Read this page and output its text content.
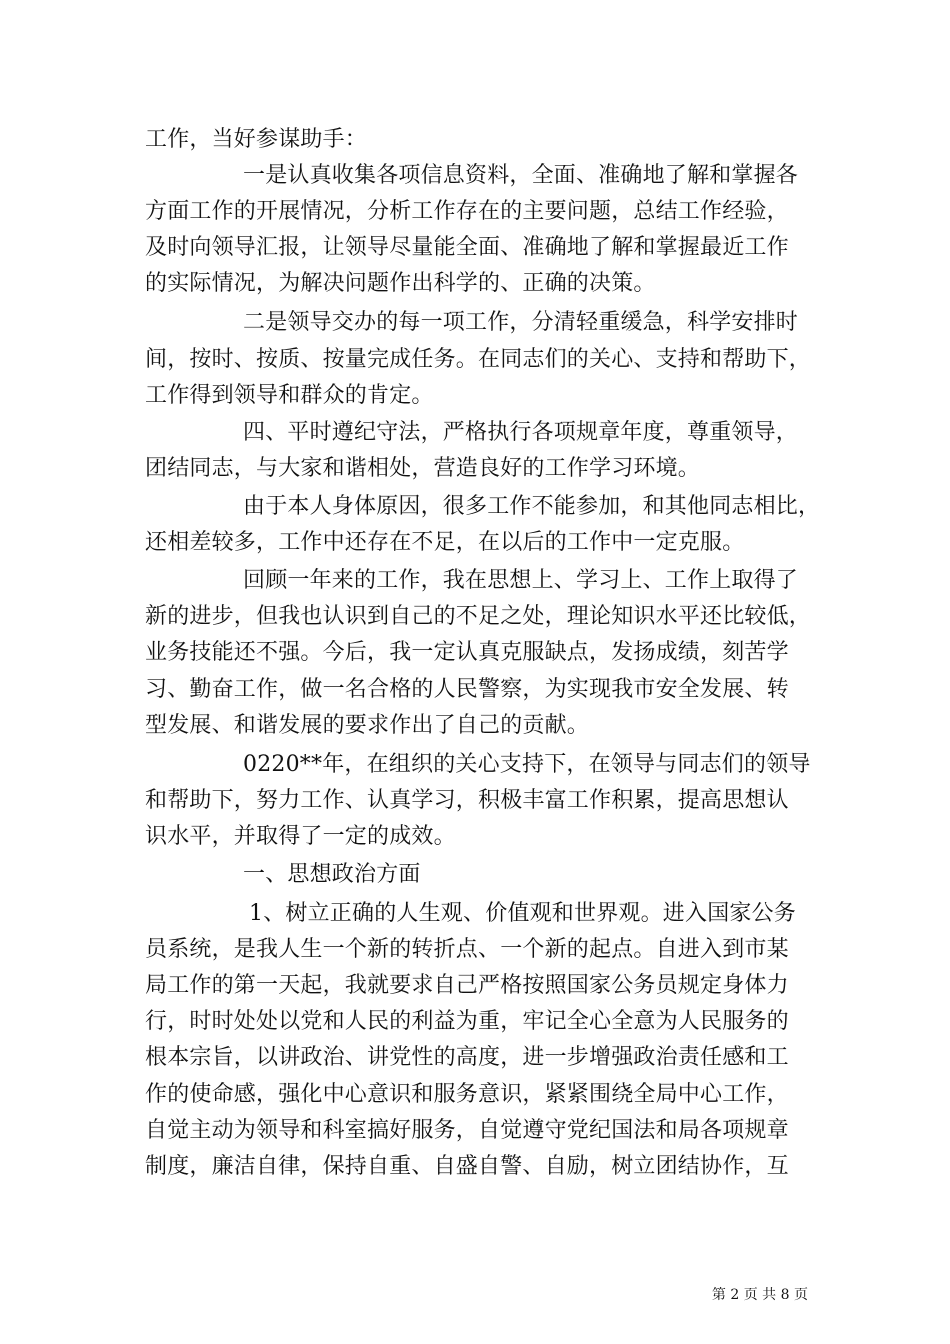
工作，当好参谋助手：
一是认真收集各项信息资料，全面、准确地了解和掌握各
方面工作的开展情况，分析工作存在的主要问题，总结工作经验，
及时向领导汇报，让领导尽量能全面、准确地了解和掌握最近工作
的实际情况，为解决问题作出科学的、正确的决策。
二是领导交办的每一项工作，分清轻重缓急，科学安排时
间，按时、按质、按量完成任务。在同志们的关心、支持和帮助下，
工作得到领导和群众的肯定。
四、平时遵纪守法，严格执行各项规章年度，尊重领导，
团结同志，与大家和谐相处，营造良好的工作学习环境。
由于本人身体原因，很多工作不能参加，和其他同志相比，
还相差较多，工作中还存在不足，在以后的工作中一定克服。
回顾一年来的工作，我在思想上、学习上、工作上取得了
新的进步，但我也认识到自己的不足之处，理论知识水平还比较低，
业务技能还不强。今后，我一定认真克服缺点，发扬成绩，刻苦学
习、勤奋工作，做一名合格的人民警察，为实现我市安全发展、转
型发展、和谐发展的要求作出了自己的贡献。
0220**年，在组织的关心支持下，在领导与同志们的领导
和帮助下，努力工作、认真学习，积极丰富工作积累，提高思想认
识水平，并取得了一定的成效。
一、思想政治方面
1、树立正确的人生观、价值观和世界观。进入国家公务
员系统，是我人生一个新的转折点、一个新的起点。自进入到市某
局工作的第一天起，我就要求自己严格按照国家公务员规定身体力
行，时时处处以党和人民的利益为重，牢记全心全意为人民服务的
根本宗旨，以讲政治、讲党性的高度，进一步增强政治责任感和工
作的使命感，强化中心意识和服务意识，紧紧围绕全局中心工作，
自觉主动为领导和科室搞好服务，自觉遵守党纪国法和局各项规章
制度，廉洁自律，保持自重、自盛自警、自励，树立团结协作，互
第 2 页 共 8 页
